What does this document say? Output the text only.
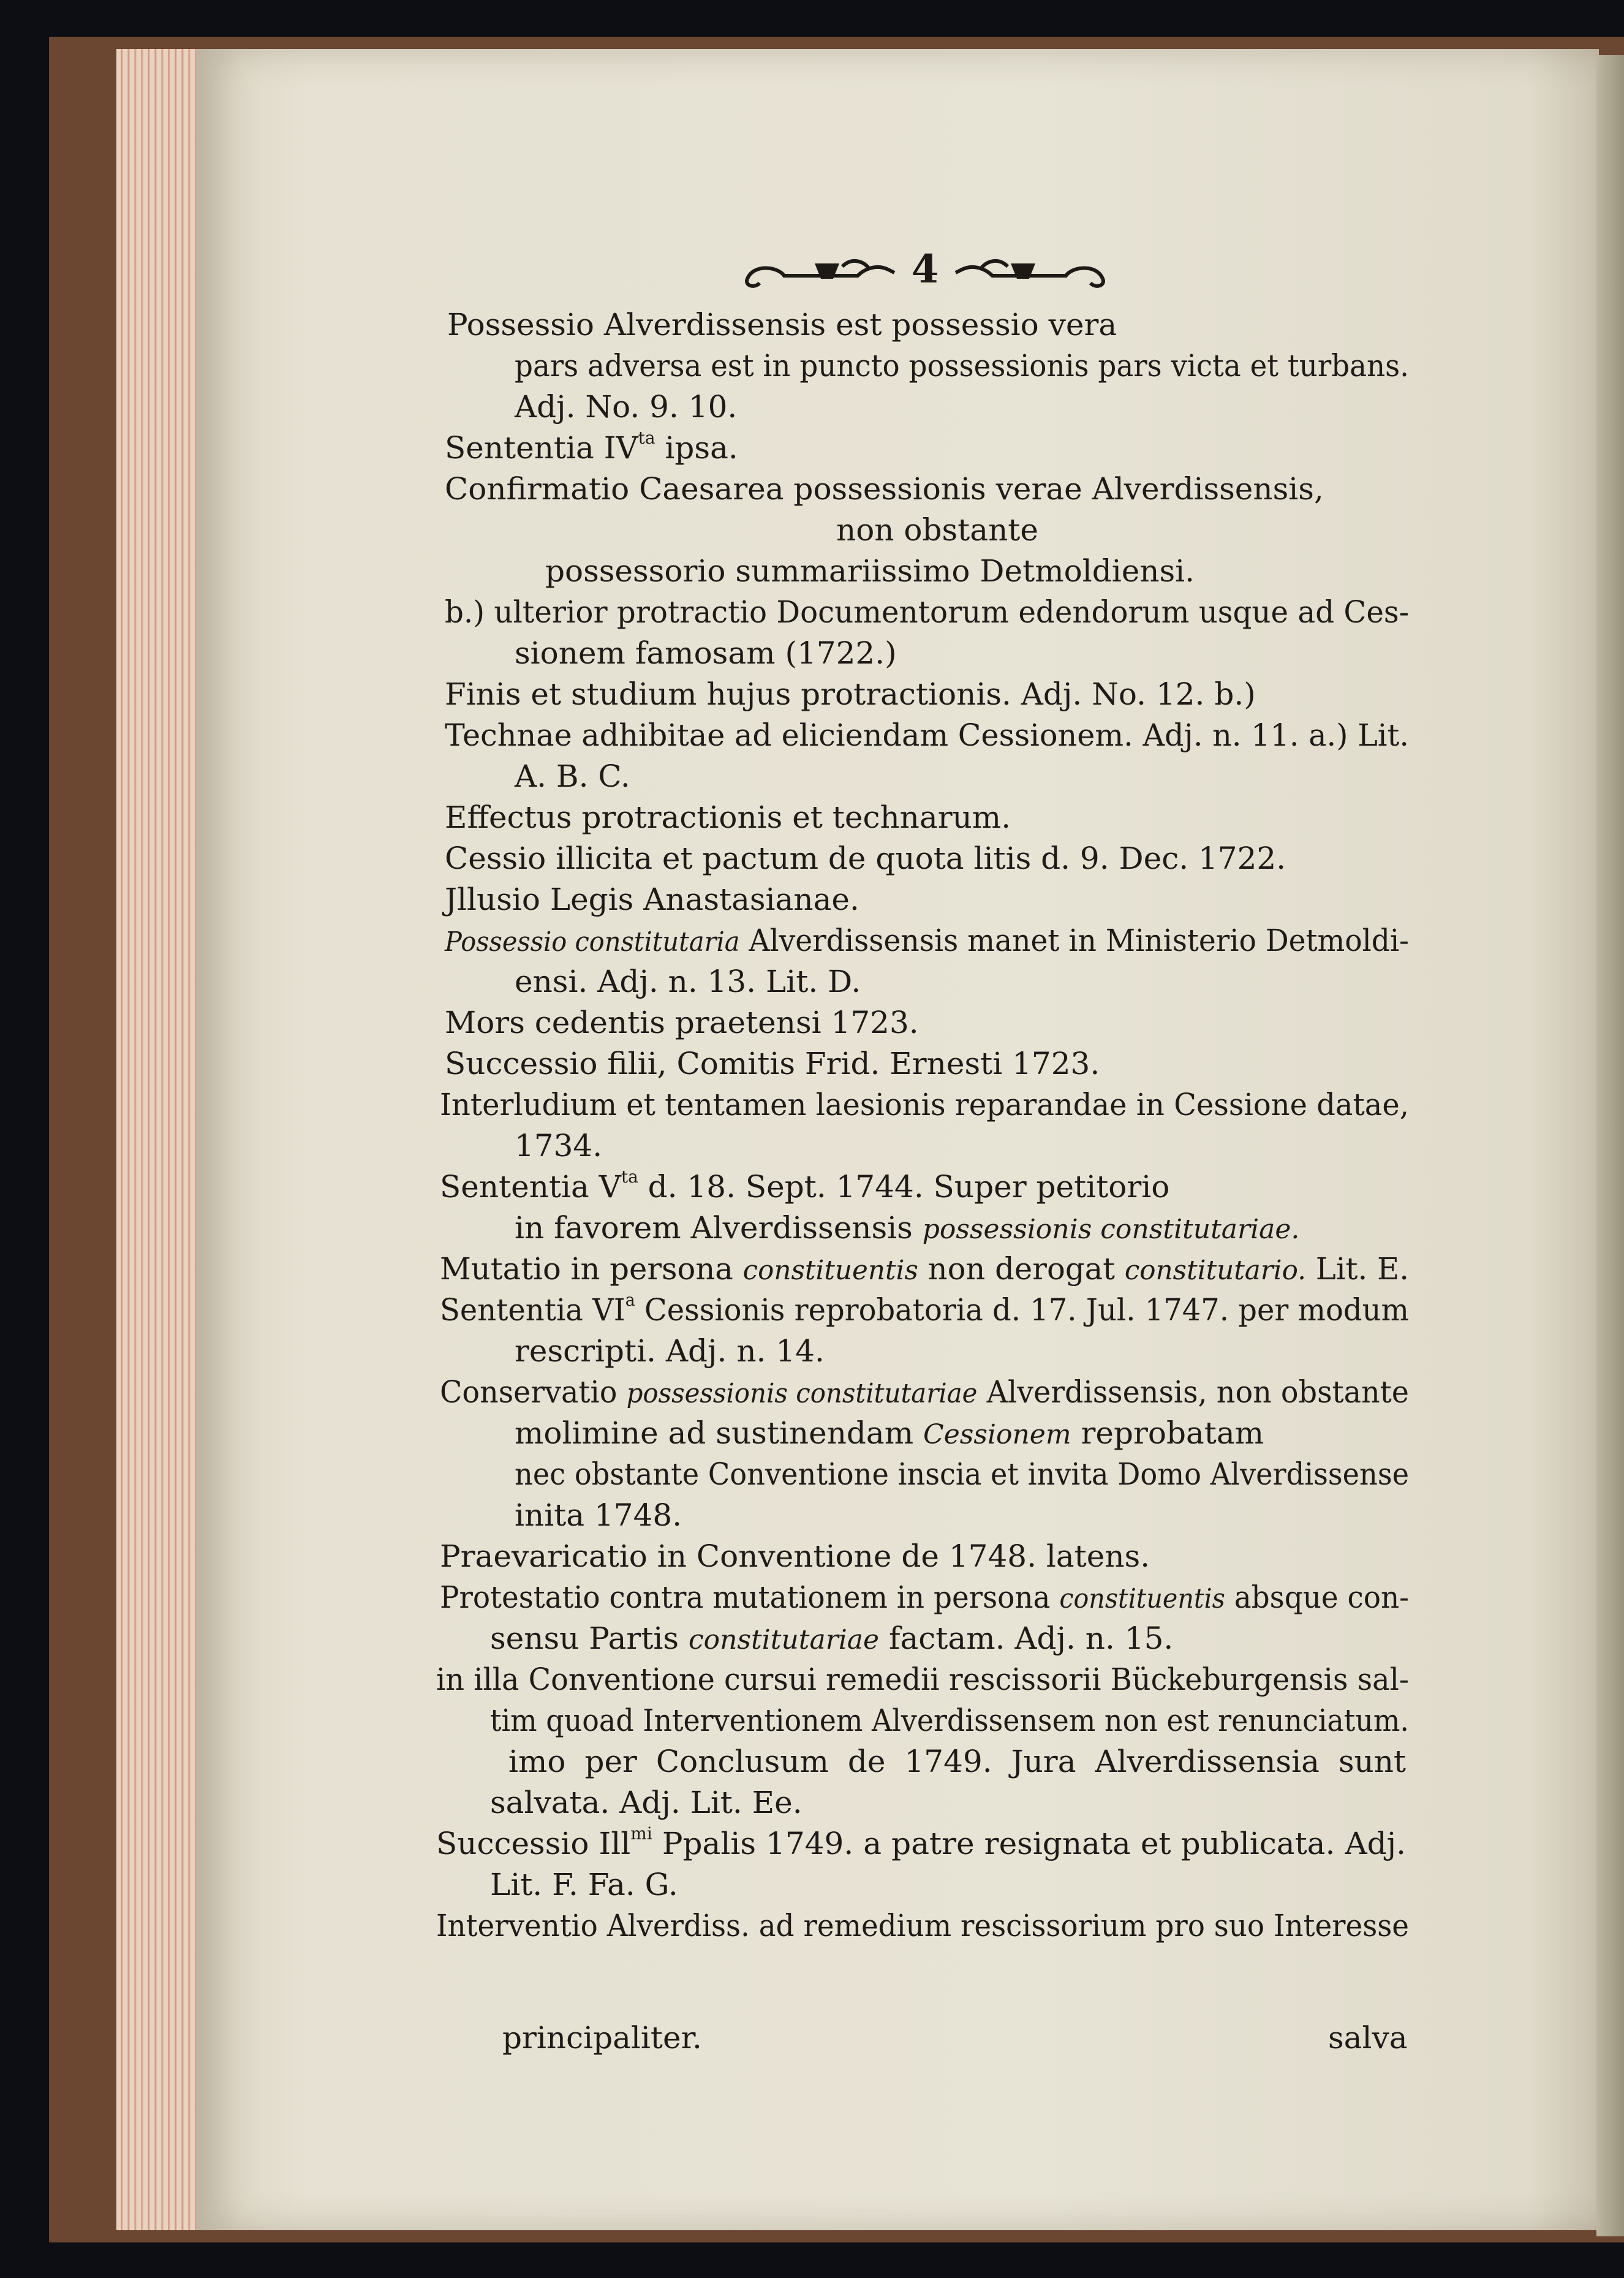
4

Possessio Alverdissensis est possessio vera

pars adversa est in puncto possessionis pars victa et turbans.

Adj. No. 9. 10.

Sententia $IV^{ta}$ ipsa.

Confirmatio Caesarea possessionis verae Alverdissensis,

non obstante

possessorio summariissimo Detmoldiensi.

b.) ulterior protractio Documentorum edendorum usque ad Ces-

sionem famosam (1722.)

Finis et studium hujus protractionis. Adj. No. 12. b.)

Technae adhibitae ad eliciendam Cessionem. Adj. n. 11. a.) Lit.

A. B. C.

Effectus protractionis et technarum.

Cessio illicita et pactum de quota litis d. 9. Dec. 1722.

Jllusio Legis Anastasianae.

Possessio constitutaria Alverdissensis manet in Ministerio Detmoldi-

ensi. Adj. n. 13. Lit. D.

Mors cedentis praetensi 1723.

Successio filii, Comitis Frid. Ernesti 1723.

Interludium et tentamen laesionis reparandae in Cessione datae,

1734.

Sententia $V^{ta}$ d. 18. Sept. 1744. Super petitorio

in favorem Alverdissensis possessionis constitutariae.

Mutatio in persona constituentis non derogat constitutario. Lit. E.

Sententia $VI^a$ Cessionis reprobatoria d. 17. Jul. 1747. per modum

rescripti. Adj. n. 14.

Conservatio possessionis constitutariae Alverdissensis, non obstante

molimine ad sustinendam Cessionem reprobatam

nec obstante Conventione inscia et invita Domo Alverdissense

inita 1748.

Praevaricatio in Conventione de 1748. latens.

Protestatio contra mutationem in persona constituentis absque con-

sensu Partis constitutariae factam. Adj. n. 15.

in illa Conventione cursui remedii rescissorii Bückeburgensis sal-

tim quoad Interventionem Alverdissensem non est renunciatum.

imo per Conclusum de 1749. Jura Alverdissensia sunt

salvata. Adj. Lit. Ee.

Successio Ill$^{mi}$ Ppalis 1749. a patre resignata et publicata. Adj.

Lit. F. Fa. G.

Interventio Alverdiss. ad remedium rescissorium pro suo Interesse

principaliter.	salva
